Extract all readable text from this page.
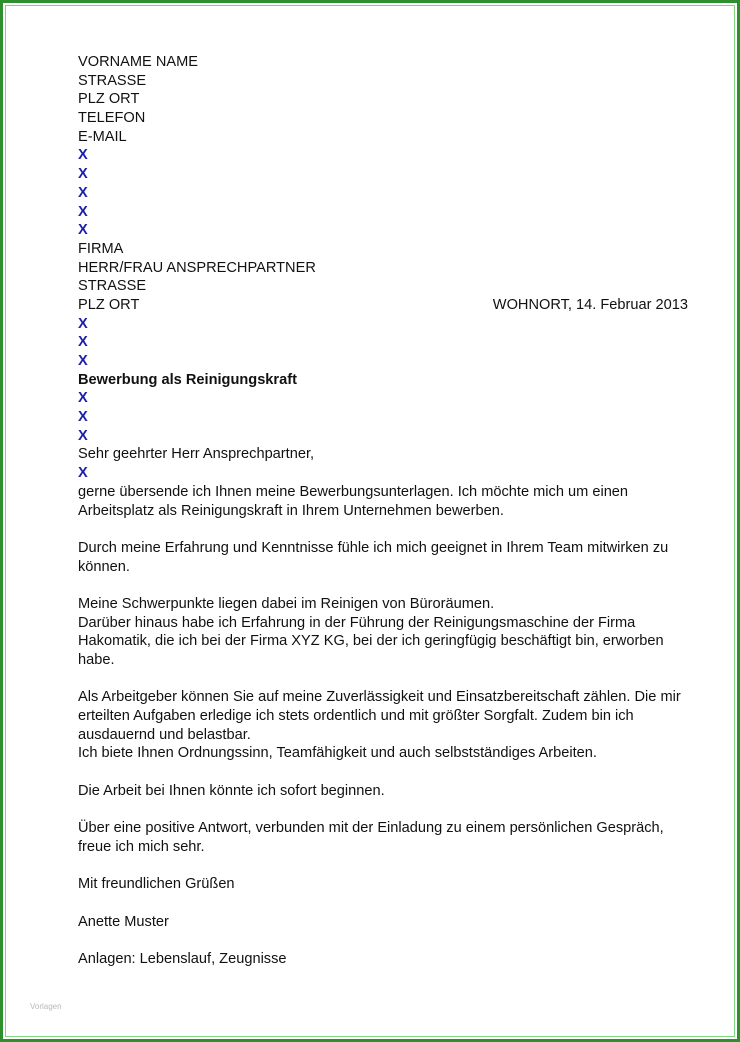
VORNAME NAME
STRASSE
PLZ ORT
TELEFON
E-MAIL
X
X
X
X
X
FIRMA
HERR/FRAU ANSPRECHPARTNER
STRASSE
PLZ ORT	WOHNORT, 14. Februar 2013
X
X
X
Bewerbung als Reinigungskraft
X
X
X
Sehr geehrter Herr Ansprechpartner,
X
gerne übersende ich Ihnen meine Bewerbungsunterlagen. Ich möchte mich um einen
Arbeitsplatz als Reinigungskraft in Ihrem Unternehmen bewerben.
Durch meine Erfahrung und Kenntnisse fühle ich mich geeignet in Ihrem Team mitwirken zu
können.
Meine Schwerpunkte liegen dabei im Reinigen von Büroräumen.
Darüber hinaus habe ich Erfahrung in der Führung der Reinigungsmaschine der Firma
Hakomatik, die ich bei der Firma XYZ KG, bei der ich geringfügig beschäftigt bin, erworben
habe.
Als Arbeitgeber können Sie auf meine Zuverlässigkeit und Einsatzbereitschaft zählen. Die mir
erteilten Aufgaben erledige ich stets ordentlich und mit größter Sorgfalt. Zudem bin ich
ausdauernd und belastbar.
Ich biete Ihnen Ordnungssinn, Teamfähigkeit und auch selbstständiges Arbeiten.
Die Arbeit bei Ihnen könnte ich sofort beginnen.
Über eine positive Antwort, verbunden mit der Einladung zu einem persönlichen Gespräch,
freue ich mich sehr.
Mit freundlichen Grüßen
Anette Muster
Anlagen: Lebenslauf, Zeugnisse
Vorlagen
